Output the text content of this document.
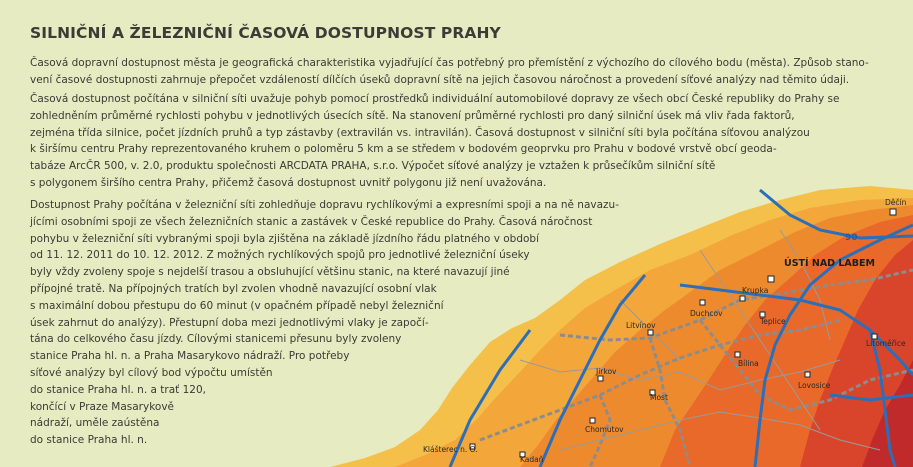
ÚSTÍ NAD LABEM
Děčín
Krupka
Duchcov
Teplice
Litvínov
Bílina
Jirkov
Most
Chomutov
Lovosice
Litoměřice
Klášterec n. O.
Kadaň
90
SILNIČNÍ A ŽELEZNIČNÍ ČASOVÁ DOSTUPNOST PRAHY
Časová dopravní dostupnost města je geografická charakteristika vyjadřující čas potřebný pro přemístění z výchozího do cílového bodu (města). Způsob stano-
vení časové dostupnosti zahrnuje přepočet vzdáleností dílčích úseků dopravní sítě na jejich časovou náročnost a provedení síťové analýzy nad těmito údaji.
Časová dostupnost počítána v silniční síti uvažuje pohyb pomocí prostředků individuální automobilové dopravy ze všech obcí České republiky do Prahy se
zohledněním průměrné rychlosti pohybu v jednotlivých úsecích sítě. Na stanovení průměrné rychlosti pro daný silniční úsek má vliv řada faktorů,
zejména třída silnice, počet jízdních pruhů a typ zástavby (extravilán vs. intravilán). Časová dostupnost v silniční síti byla počítána síťovou analýzou
k širšímu centru Prahy reprezentovaného kruhem o poloměru 5 km a se středem v bodovém geoprvku pro Prahu v bodové vrstvě obcí geoda-
tabáze ArcČR 500, v. 2.0, produktu společnosti ARCDATA PRAHA, s.r.o. Výpočet síťové analýzy je vztažen k průsečíkům silniční sítě
s polygonem širšího centra Prahy, přičemž časová dostupnost uvnitř polygonu již není uvažována.
Dostupnost Prahy počítána v železniční síti zohledňuje dopravu rychlíkovými a expresními spoji a na ně navazu-
jícími osobními spoji ze všech železničních stanic a zastávek v České republice do Prahy. Časová náročnost
pohybu v železniční síti vybranými spoji byla zjištěna na základě jízdního řádu platného v období
od 11. 12. 2011 do 10. 12. 2012. Z možných rychlíkových spojů pro jednotlivé železniční úseky
byly vždy zvoleny spoje s nejdelší trasou a obsluhující většinu stanic, na které navazují jiné
přípojné tratě. Na přípojných tratích byl zvolen vhodně navazující osobní vlak
s maximální dobou přestupu do 60 minut (v opačném případě nebyl železniční
úsek zahrnut do analýzy). Přestupní doba mezi jednotlivými vlaky je započí-
tána do celkového času jízdy. Cílovými stanicemi přesunu byly zvoleny
stanice Praha hl. n. a Praha Masarykovo nádraží. Pro potřeby
síťové analýzy byl cílový bod výpočtu umístěn
do stanice Praha hl. n. a trať 120,
končící v Praze Masarykově
nádraží, uměle zaústěna
do stanice Praha hl. n.
